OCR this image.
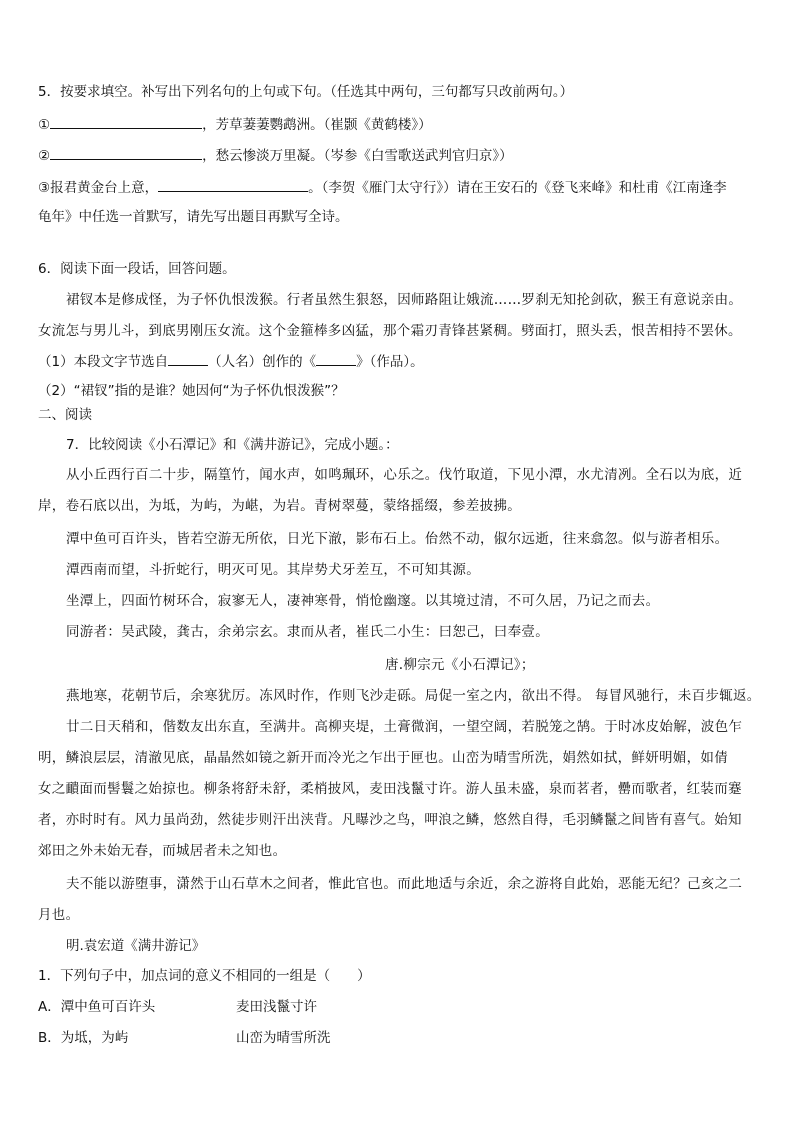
5．按要求填空。补写出下列名句的上句或下句。（任选其中两句，三句都写只改前两句。）
①	，芳草萋萋鹦鹉洲。（崔颢《黄鹤楼》）
②	，愁云惨淡万里凝。（岑参《白雪歌送武判官归京》）
③报君黄金台上意，	。（李贺《雁门太守行》）请在王安石的《登飞来峰》和杜甫《江南逢李
龟年》中任选一首默写，请先写出题目再默写全诗。
6．阅读下面一段话，回答问题。
裙钗本是修成怪，为子怀仇恨泼猴。行者虽然生狠怒，因师路阻让娥流……罗刹无知抡剑砍，猴王有意说亲由。
女流怎与男儿斗，到底男刚压女流。这个金箍棒多凶猛，那个霜刃青锋甚紧稠。劈面打，照头丢，恨苦相持不罢休。
（1）本段文字节选自	（人名）创作的《	》（作品）。
（2）“裙钗”指的是谁？她因何“为子怀仇恨泼猴”？
二、阅读
7．比较阅读《小石潭记》和《满井游记》，完成小题。：
从小丘西行百二十步，隔篁竹，闻水声，如鸣珮环，心乐之。伐竹取道，下见小潭，水尤清冽。全石以为底，近
岸，卷石底以出，为坻，为屿，为嵁，为岩。青树翠蔓，蒙络摇缀，参差披拂。
潭中鱼可百许头，皆若空游无所依，日光下澈，影布石上。佁然不动，俶尔远逝，往来翕忽。似与游者相乐。
潭西南而望，斗折蛇行，明灭可见。其岸势犬牙差互，不可知其源。
坐潭上，四面竹树环合，寂寥无人，凄神寒骨，悄怆幽邃。以其境过清，不可久居，乃记之而去。
同游者：吴武陵，龚古，余弟宗玄。隶而从者，崔氏二小生：曰恕己，曰奉壹。
唐.柳宗元《小石潭记》；
燕地寒，花朝节后，余寒犹厉。冻风时作，作则飞沙走砾。局促一室之内，欲出不得。 每冒风驰行，未百步辄返。
廿二日天稍和，偕数友出东直，至满井。高柳夹堤，土膏微润，一望空阔，若脱笼之鹄。于时冰皮始解，波色乍
明，鳞浪层层，清澈见底，晶晶然如镜之新开而冷光之乍出于匣也。山峦为晴雪所洗，娟然如拭，鲜妍明媚，如倩
女之靧面而髻鬟之始掠也。柳条将舒未舒，柔梢披风，麦田浅鬣寸许。游人虽未盛，泉而茗者，罍而歌者，红装而蹇
者，亦时时有。风力虽尚劲，然徒步则汗出浃背。凡曝沙之鸟，呷浪之鳞，悠然自得，毛羽鳞鬣之间皆有喜气。始知
郊田之外未始无春，而城居者未之知也。
夫不能以游堕事，潇然于山石草木之间者，惟此官也。而此地适与余近，余之游将自此始，恶能无纪？己亥之二
月也。
明.袁宏道《满井游记》
1．下列句子中，加点词的意义不相同的一组是（　　）
A．潭中鱼可百许头	麦田浅鬣寸许
B．为坻，为屿	山峦为晴雪所洗
